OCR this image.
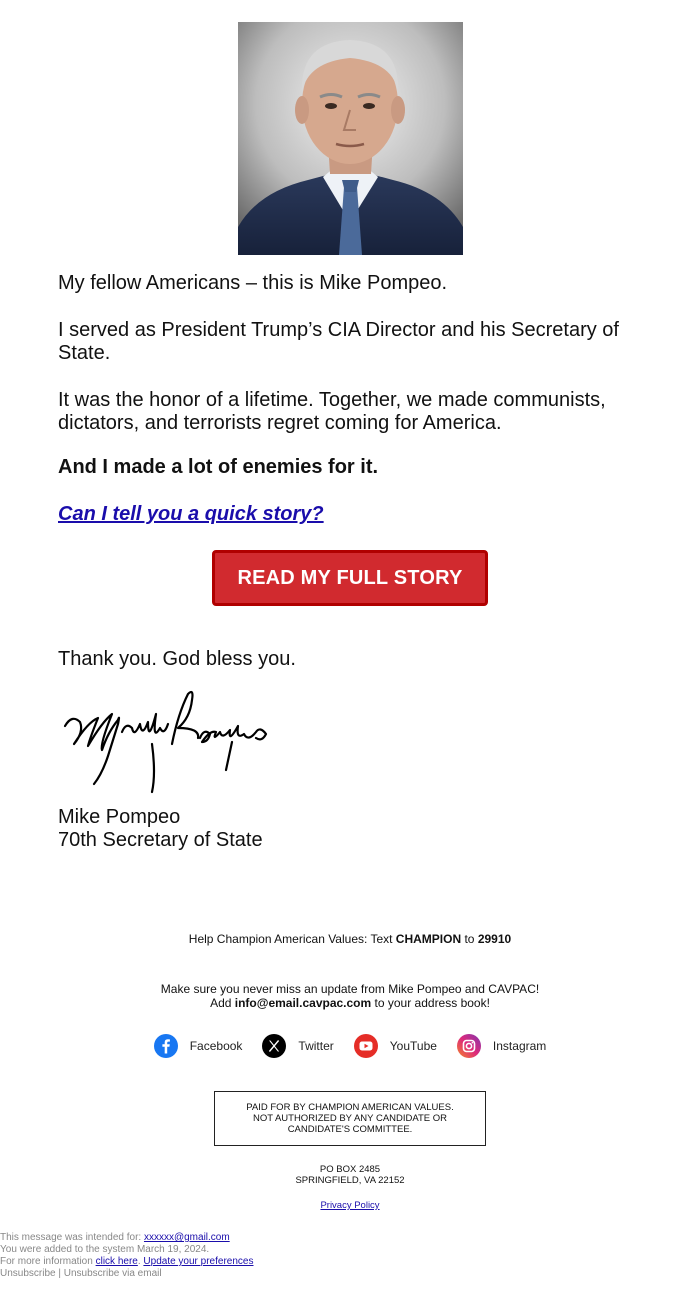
My fellow Americans – this is Mike Pompeo.

I served as President Trump’s CIA Director and his Secretary of State.

It was the honor of a lifetime. Together, we made communists, dictators, and terrorists regret coming for America.

And I made a lot of enemies for it.

Can I tell you a quick story?

READ MY FULL STORY

Thank you. God bless you.

Mike Pompeo

70th Secretary of State

Help Champion American Values: Text CHAMPION to 29910
Make sure you never miss an update from Mike Pompeo and CAVPAC!
Add info@email.cavpac.com to your address book!
Facebook	Twitter	YouTube	Instagram
PAID FOR BY CHAMPION AMERICAN VALUES.
NOT AUTHORIZED BY ANY CANDIDATE OR
CANDIDATE'S COMMITTEE.
PO BOX 2485
SPRINGFIELD, VA 22152
Privacy Policy
This message was intended for: xxxxxx@gmail.com
You were added to the system March 19, 2024.
For more information click here. Update your preferences
Unsubscribe | Unsubscribe via email
